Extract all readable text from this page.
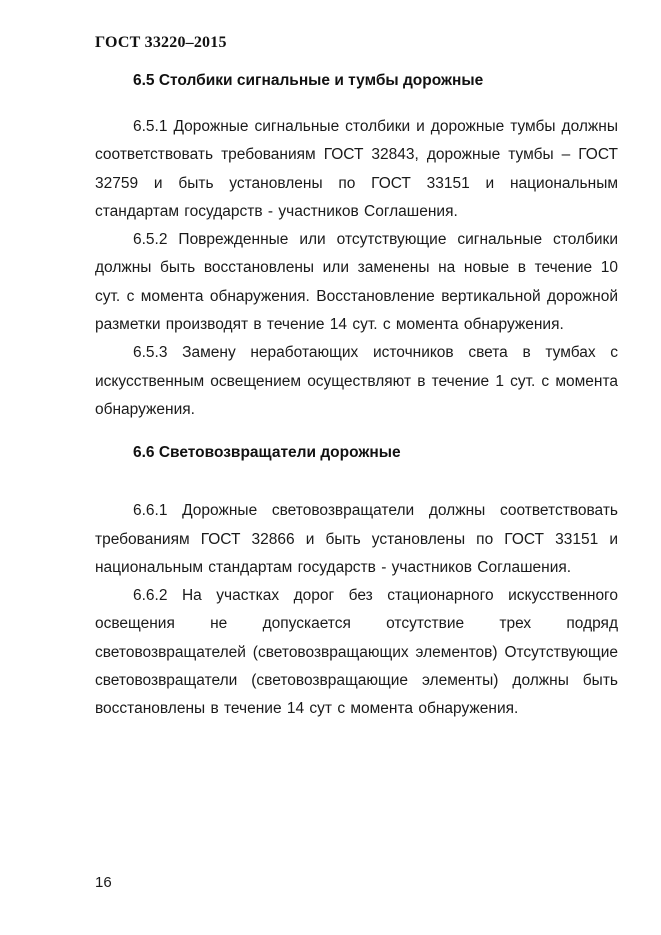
ГОСТ 33220–2015
6.5 Столбики сигнальные и тумбы дорожные

6.5.1 Дорожные сигнальные столбики и дорожные тумбы должны соответствовать требованиям ГОСТ 32843, дорожные тумбы – ГОСТ 32759 и быть установлены по ГОСТ 33151 и национальным стандартам государств - участников Соглашения.

6.5.2 Поврежденные или отсутствующие сигнальные столбики должны быть восстановлены или заменены на новые в течение 10 сут. с момента обнаружения. Восстановление вертикальной дорожной разметки производят в течение 14 сут. с момента обнаружения.

6.5.3 Замену неработающих источников света в тумбах с искусственным освещением осуществляют в течение 1 сут. с момента обнаружения.

6.6 Световозвращатели дорожные

6.6.1 Дорожные световозвращатели должны соответствовать требованиям ГОСТ 32866 и быть установлены по ГОСТ 33151 и национальным стандартам государств - участников Соглашения.

6.6.2 На участках дорог без стационарного искусственного освещения не допускается отсутствие трех подряд световозвращателей (световозвращающих элементов) Отсутствующие световозвращатели (световозвращающие элементы) должны быть восстановлены в течение 14 сут с момента обнаружения.

16
